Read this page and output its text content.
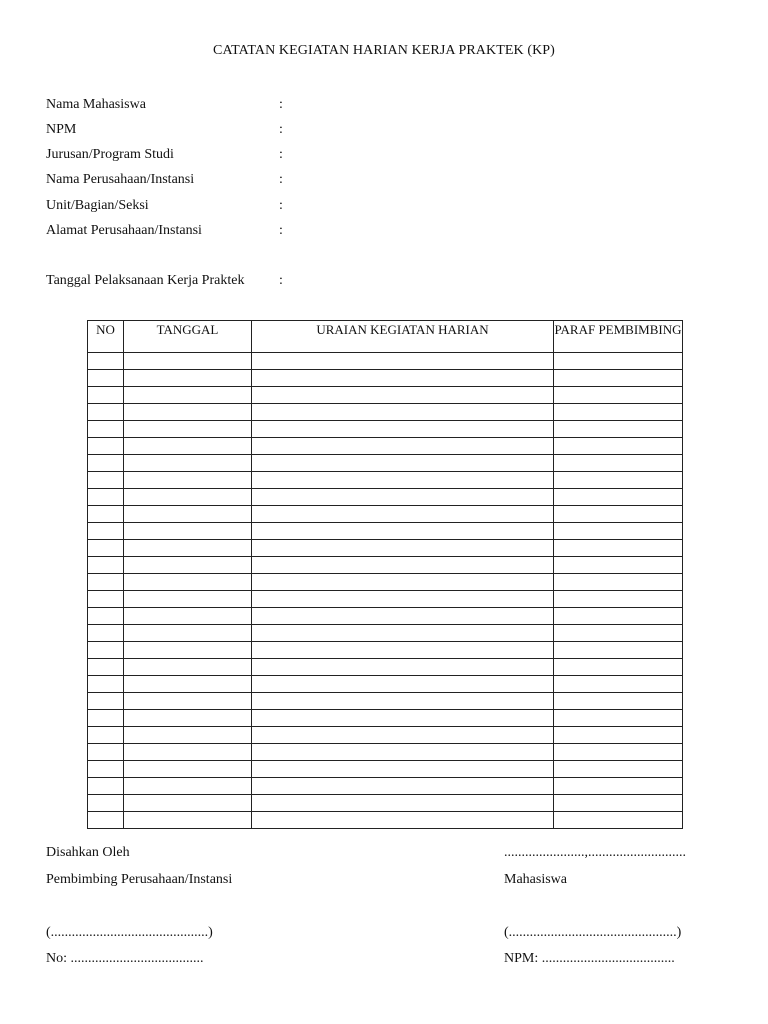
CATATAN KEGIATAN HARIAN KERJA PRAKTEK (KP)
Nama Mahasiswa	:
NPM	:
Jurusan/Program Studi	:
Nama Perusahaan/Instansi	:
Unit/Bagian/Seksi	:
Alamat Perusahaan/Instansi	:
Tanggal Pelaksanaan Kerja Praktek :
NO	TANGGAL	URAIAN KEGIATAN HARIAN	PARAF PEMBIMBING

Disahkan Oleh
Pembimbing Perusahaan/Instansi
(.............................................)
No: ......................................
.......................,............................
Mahasiswa
(................................................)
NPM: ......................................
